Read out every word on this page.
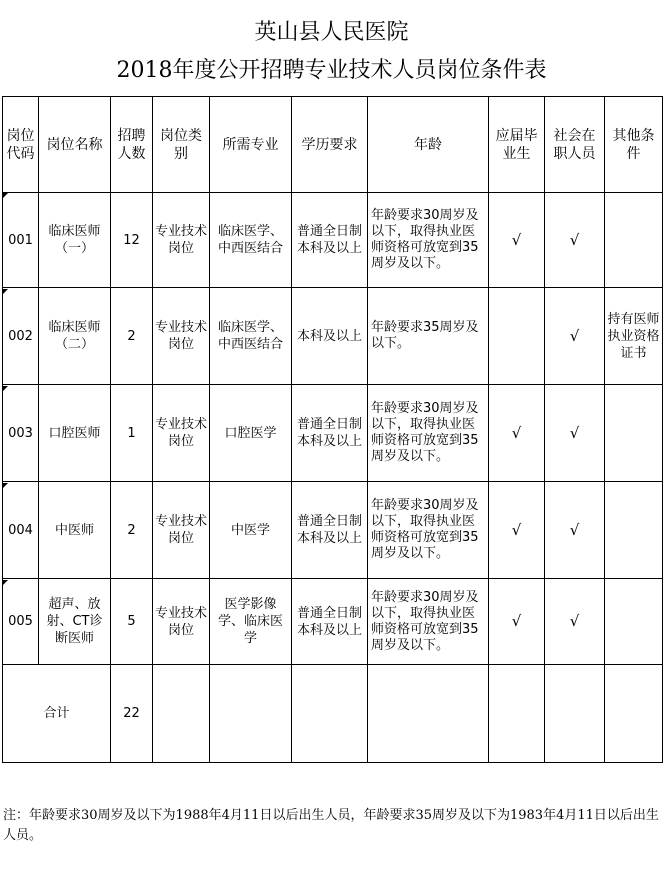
英山县人民医院
2018年度公开招聘专业技术人员岗位条件表
岗位代码	岗位名称	招聘人数	岗位类别	所需专业	学历要求	年龄	应届毕业生	社会在职人员	其他条件
001	临床医师（一）	12	专业技术岗位	临床医学、中西医结合	普通全日制本科及以上	年龄要求30周岁及以下，取得执业医师资格可放宽到35周岁及以下。	√	√	
002	临床医师（二）	2	专业技术岗位	临床医学、中西医结合	本科及以上	年龄要求35周岁及以下。		√	持有医师执业资格证书
003	口腔医师	1	专业技术岗位	口腔医学	普通全日制本科及以上	年龄要求30周岁及以下，取得执业医师资格可放宽到35周岁及以下。	√	√	
004	中医师	2	专业技术岗位	中医学	普通全日制本科及以上	年龄要求30周岁及以下，取得执业医师资格可放宽到35周岁及以下。	√	√	
005	超声、放射、CT诊断医师	5	专业技术岗位	医学影像学、临床医学	普通全日制本科及以上	年龄要求30周岁及以下，取得执业医师资格可放宽到35周岁及以下。	√	√	
合计		22							
注：年龄要求30周岁及以下为1988年4月11日以后出生人员，年龄要求35周岁及以下为1983年4月11日以后出生人员。
